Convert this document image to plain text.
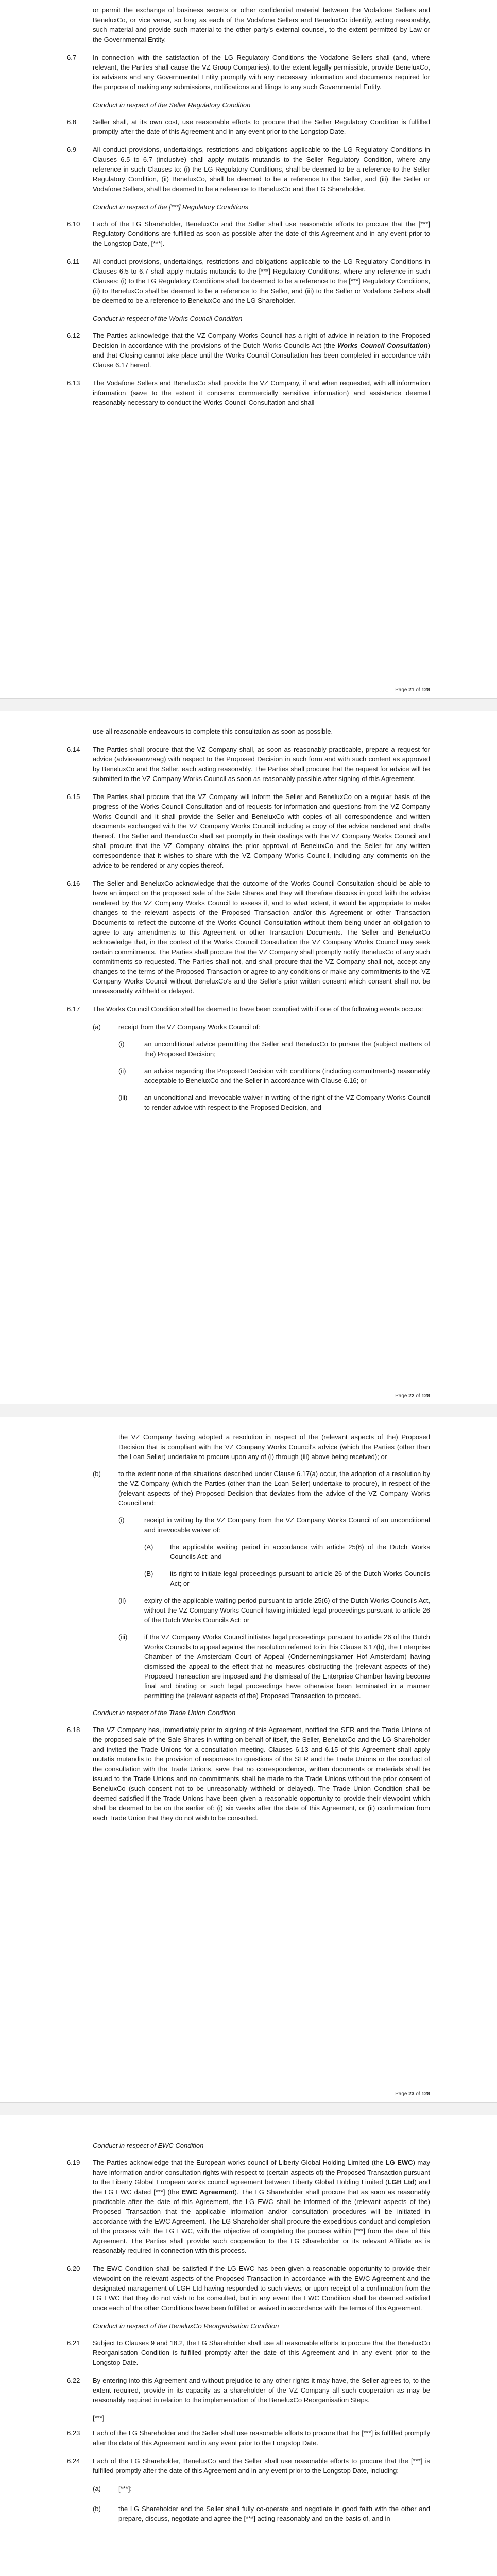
or permit the exchange of business secrets or other confidential material between the Vodafone Sellers and BeneluxCo, or vice versa, so long as each of the Vodafone Sellers and BeneluxCo identify, acting reasonably, such material and provide such material to the other party's external counsel, to the extent permitted by Law or the Governmental Entity.
6.7	In connection with the satisfaction of the LG Regulatory Conditions the Vodafone Sellers shall (and, where relevant, the Parties shall cause the VZ Group Companies), to the extent legally permissible, provide BeneluxCo, its advisers and any Governmental Entity promptly with any necessary information and documents required for the purpose of making any submissions, notifications and filings to any such Governmental Entity.
Conduct in respect of the Seller Regulatory Condition
6.8	Seller shall, at its own cost, use reasonable efforts to procure that the Seller Regulatory Condition is fulfilled promptly after the date of this Agreement and in any event prior to the Longstop Date.
6.9	All conduct provisions, undertakings, restrictions and obligations applicable to the LG Regulatory Conditions in Clauses 6.5 to 6.7 (inclusive) shall apply mutatis mutandis to the Seller Regulatory Condition, where any reference in such Clauses to: (i) the LG Regulatory Conditions, shall be deemed to be a reference to the Seller Regulatory Condition, (ii) BeneluxCo, shall be deemed to be a reference to the Seller, and (iii) the Seller or Vodafone Sellers, shall be deemed to be a reference to BeneluxCo and the LG Shareholder.
Conduct in respect of the [***] Regulatory Conditions
6.10	Each of the LG Shareholder, BeneluxCo and the Seller shall use reasonable efforts to procure that the [***] Regulatory Conditions are fulfilled as soon as possible after the date of this Agreement and in any event prior to the Longstop Date, [***].
6.11	All conduct provisions, undertakings, restrictions and obligations applicable to the LG Regulatory Conditions in Clauses 6.5 to 6.7 shall apply mutatis mutandis to the [***] Regulatory Conditions, where any reference in such Clauses: (i) to the LG Regulatory Conditions shall be deemed to be a reference to the [***] Regulatory Conditions, (ii) to BeneluxCo shall be deemed to be a reference to the Seller, and (iii) to the Seller or Vodafone Sellers shall be deemed to be a reference to BeneluxCo and the LG Shareholder.
Conduct in respect of the Works Council Condition
6.12	The Parties acknowledge that the VZ Company Works Council has a right of advice in relation to the Proposed Decision in accordance with the provisions of the Dutch Works Councils Act (the Works Council Consultation) and that Closing cannot take place until the Works Council Consultation has been completed in accordance with Clause 6.17 hereof.
6.13	The Vodafone Sellers and BeneluxCo shall provide the VZ Company, if and when requested, with all information information (save to the extent it concerns commercially sensitive information) and assistance deemed reasonably necessary to conduct the Works Council Consultation and shall
Page 21 of 128
use all reasonable endeavours to complete this consultation as soon as possible.
6.14	The Parties shall procure that the VZ Company shall, as soon as reasonably practicable, prepare a request for advice (adviesaanvraag) with respect to the Proposed Decision in such form and with such content as approved by BeneluxCo and the Seller, each acting reasonably. The Parties shall procure that the request for advice will be submitted to the VZ Company Works Council as soon as reasonably possible after signing of this Agreement.
6.15	The Parties shall procure that the VZ Company will inform the Seller and BeneluxCo on a regular basis of the progress of the Works Council Consultation and of requests for information and questions from the VZ Company Works Council and it shall provide the Seller and BeneluxCo with copies of all correspondence and written documents exchanged with the VZ Company Works Council including a copy of the advice rendered and drafts thereof. The Seller and BeneluxCo shall set promptly in their dealings with the VZ Company Works Council and shall procure that the VZ Company obtains the prior approval of BeneluxCo and the Seller for any written correspondence that it wishes to share with the VZ Company Works Council, including any comments on the advice to be rendered or any copies thereof.
6.16	The Seller and BeneluxCo acknowledge that the outcome of the Works Council Consultation should be able to have an impact on the proposed sale of the Sale Shares and they will therefore discuss in good faith the advice rendered by the VZ Company Works Council to assess if, and to what extent, it would be appropriate to make changes to the relevant aspects of the Proposed Transaction and/or this Agreement or other Transaction Documents to reflect the outcome of the Works Council Consultation without them being under an obligation to agree to any amendments to this Agreement or other Transaction Documents. The Seller and BeneluxCo acknowledge that, in the context of the Works Council Consultation the VZ Company Works Council may seek certain commitments. The Parties shall procure that the VZ Company shall promptly notify BeneluxCo of any such commitments so requested. The Parties shall not, and shall procure that the VZ Company shall not, accept any changes to the terms of the Proposed Transaction or agree to any conditions or make any commitments to the VZ Company Works Council without BeneluxCo's and the Seller's prior written consent which consent shall not be unreasonably withheld or delayed.
6.17	The Works Council Condition shall be deemed to have been complied with if one of the following events occurs:
(a)	receipt from the VZ Company Works Council of:
(i)	an unconditional advice permitting the Seller and BeneluxCo to pursue the (subject matters of the) Proposed Decision;
(ii)	an advice regarding the Proposed Decision with conditions (including commitments) reasonably acceptable to BeneluxCo and the Seller in accordance with Clause 6.16; or
(iii)	an unconditional and irrevocable waiver in writing of the right of the VZ Company Works Council to render advice with respect to the Proposed Decision, and
Page 22 of 128
the VZ Company having adopted a resolution in respect of the (relevant aspects of the) Proposed Decision that is compliant with the VZ Company Works Council's advice (which the Parties (other than the Loan Seller) undertake to procure upon any of (i) through (iii) above being received); or
(b)	to the extent none of the situations described under Clause 6.17(a) occur, the adoption of a resolution by the VZ Company (which the Parties (other than the Loan Seller) undertake to procure), in respect of the (relevant aspects of the) Proposed Decision that deviates from the advice of the VZ Company Works Council and:
(i)	receipt in writing by the VZ Company from the VZ Company Works Council of an unconditional and irrevocable waiver of:
(A)	the applicable waiting period in accordance with article 25(6) of the Dutch Works Councils Act; and
(B)	its right to initiate legal proceedings pursuant to article 26 of the Dutch Works Councils Act; or
(ii)	expiry of the applicable waiting period pursuant to article 25(6) of the Dutch Works Councils Act, without the VZ Company Works Council having initiated legal proceedings pursuant to article 26 of the Dutch Works Councils Act; or
(iii)	if the VZ Company Works Council initiates legal proceedings pursuant to article 26 of the Dutch Works Councils to appeal against the resolution referred to in this Clause 6.17(b), the Enterprise Chamber of the Amsterdam Court of Appeal (Ondernemingskamer Hof Amsterdam) having dismissed the appeal to the effect that no measures obstructing the (relevant aspects of the) Proposed Transaction are imposed and the dismissal of the Enterprise Chamber having become final and binding or such legal proceedings have otherwise been terminated in a manner permitting the (relevant aspects of the) Proposed Transaction to proceed.
Conduct in respect of the Trade Union Condition
6.18	The VZ Company has, immediately prior to signing of this Agreement, notified the SER and the Trade Unions of the proposed sale of the Sale Shares in writing on behalf of itself, the Seller, BeneluxCo and the LG Shareholder and invited the Trade Unions for a consultation meeting. Clauses 6.13 and 6.15 of this Agreement shall apply mutatis mutandis to the provision of responses to questions of the SER and the Trade Unions or the conduct of the consultation with the Trade Unions, save that no correspondence, written documents or materials shall be issued to the Trade Unions and no commitments shall be made to the Trade Unions without the prior consent of BeneluxCo (such consent not to be unreasonably withheld or delayed). The Trade Union Condition shall be deemed satisfied if the Trade Unions have been given a reasonable opportunity to provide their viewpoint which shall be deemed to be on the earlier of: (i) six weeks after the date of this Agreement, or (ii) confirmation from each Trade Union that they do not wish to be consulted.
Page 23 of 128
Conduct in respect of EWC Condition
6.19	The Parties acknowledge that the European works council of Liberty Global Holding Limited (the LG EWC) may have information and/or consultation rights with respect to (certain aspects of) the Proposed Transaction pursuant to the Liberty Global European works council agreement between Liberty Global Holding Limited (LGH Ltd) and the LG EWC dated [***] (the EWC Agreement). The LG Shareholder shall procure that as soon as reasonably practicable after the date of this Agreement, the LG EWC shall be informed of the (relevant aspects of the) Proposed Transaction that the applicable information and/or consultation procedures will be initiated in accordance with the EWC Agreement. The LG Shareholder shall procure the expeditious conduct and completion of the process with the LG EWC, with the objective of completing the process within [***] from the date of this Agreement. The Parties shall provide such cooperation to the LG Shareholder or its relevant Affiliate as is reasonably required in connection with this process.
6.20	The EWC Condition shall be satisfied if the LG EWC has been given a reasonable opportunity to provide their viewpoint on the relevant aspects of the Proposed Transaction in accordance with the EWC Agreement and the designated management of LGH Ltd having responded to such views, or upon receipt of a confirmation from the LG EWC that they do not wish to be consulted, but in any event the EWC Condition shall be deemed satisfied once each of the other Conditions have been fulfilled or waived in accordance with the terms of this Agreement.
Conduct in respect of the BeneluxCo Reorganisation Condition
6.21	Subject to Clauses 9 and 18.2, the LG Shareholder shall use all reasonable efforts to procure that the BeneluxCo Reorganisation Condition is fulfilled promptly after the date of this Agreement and in any event prior to the Longstop Date.
6.22	By entering into this Agreement and without prejudice to any other rights it may have, the Seller agrees to, to the extent required, provide in its capacity as a shareholder of the VZ Company all such cooperation as may be reasonably required in relation to the implementation of the BeneluxCo Reorganisation Steps.
[***]
6.23	Each of the LG Shareholder and the Seller shall use reasonable efforts to procure that the [***] is fulfilled promptly after the date of this Agreement and in any event prior to the Longstop Date.
6.24	Each of the LG Shareholder, BeneluxCo and the Seller shall use reasonable efforts to procure that the [***] is fulfilled promptly after the date of this Agreement and in any event prior to the Longstop Date, including:
(a)	[***];
(b)	the LG Shareholder and the Seller shall fully co-operate and negotiate in good faith with the other and prepare, discuss, negotiate and agree the [***] acting reasonably and on the basis of, and in
